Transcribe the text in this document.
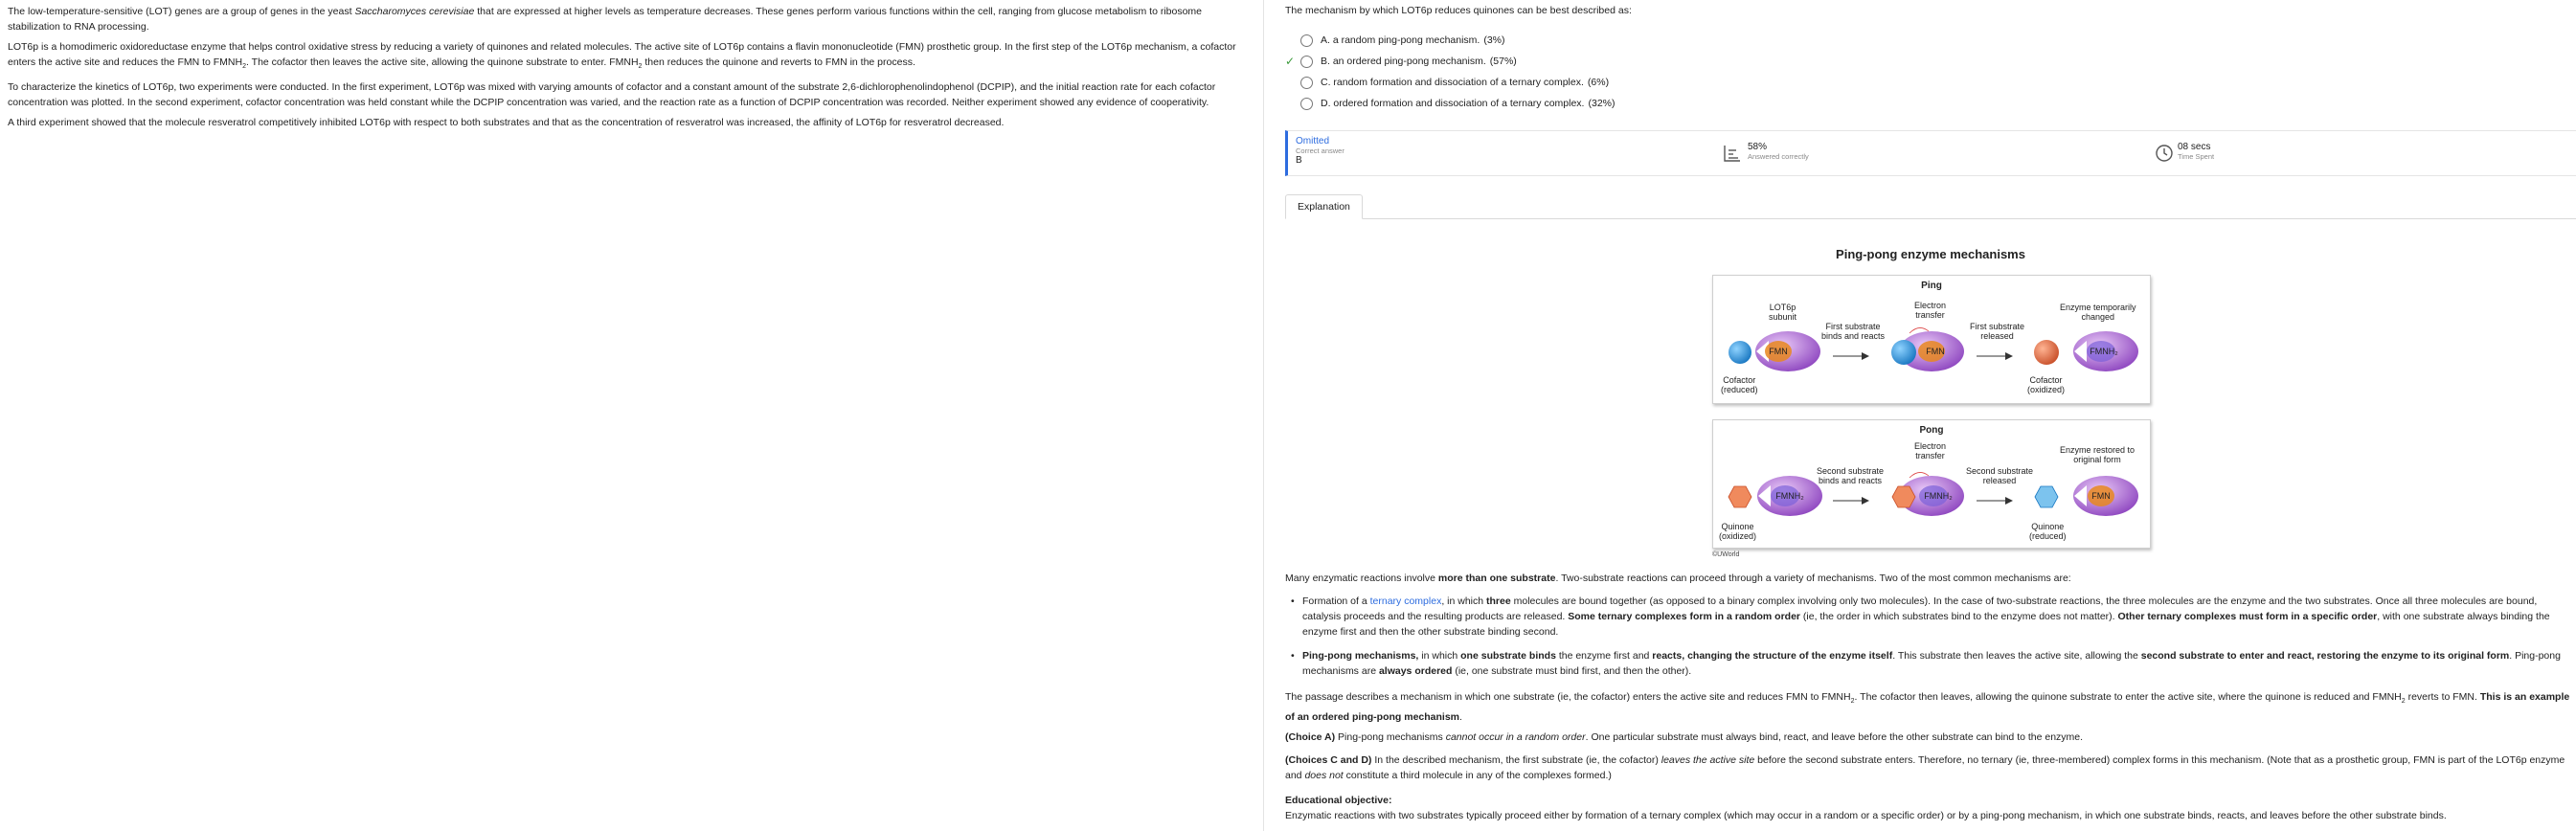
The low-temperature-sensitive (LOT) genes are a group of genes in the yeast Saccharomyces cerevisiae that are expressed at higher levels as temperature decreases. These genes perform various functions within the cell, ranging from glucose metabolism to ribosome stabilization to RNA processing.

LOT6p is a homodimeric oxidoreductase enzyme that helps control oxidative stress by reducing a variety of quinones and related molecules. The active site of LOT6p contains a flavin mononucleotide (FMN) prosthetic group. In the first step of the LOT6p mechanism, a cofactor enters the active site and reduces the FMN to $FMNH_2$. The cofactor then leaves the active site, allowing the quinone substrate to enter. $FMNH_2$ then reduces the quinone and reverts to FMN in the process.

To characterize the kinetics of LOT6p, two experiments were conducted. In the first experiment, LOT6p was mixed with varying amounts of cofactor and a constant amount of the substrate 2,6-dichlorophenolindophenol (DCPIP), and the initial reaction rate for each cofactor concentration was plotted. In the second experiment, cofactor concentration was held constant while the DCPIP concentration was varied, and the reaction rate as a function of DCPIP concentration was recorded. Neither experiment showed any evidence of cooperativity.

A third experiment showed that the molecule resveratrol competitively inhibited LOT6p with respect to both substrates and that as the concentration of resveratrol was increased, the affinity of LOT6p for resveratrol decreased.

The mechanism by which LOT6p reduces quinones can be best described as:
A. a random ping-pong mechanism. (3%)
✓	B. an ordered ping-pong mechanism. (57%)
C. random formation and dissociation of a ternary complex. (6%)
D. ordered formation and dissociation of a ternary complex. (32%)
Omitted
Correct answer
B
58%
Answered correctly
08 secs
Time Spent
Explanation
Ping-pong enzyme mechanisms
Ping
FMN	FMN	FMNH₂
LOT6p
subunit
First substrate
binds and reacts
Electron
transfer
First substrate
released
Enzyme temporarily
changed
Cofactor
(reduced)
Cofactor
(oxidized)
Pong
FMNH₂	FMNH₂	FMN
Electron
transfer
Second substrate
binds and reacts
Second substrate
released
Enzyme restored to
original form
Quinone
(oxidized)
Quinone
(reduced)
©UWorld
Many enzymatic reactions involve more than one substrate. Two-substrate reactions can proceed through a variety of mechanisms. Two of the most common mechanisms are:
• Formation of a ternary complex, in which three molecules are bound together (as opposed to a binary complex involving only two molecules). In the case of two-substrate reactions, the three molecules are the enzyme and the two substrates. Once all three molecules are bound, catalysis proceeds and the resulting products are released. Some ternary complexes form in a random order (ie, the order in which substrates bind to the enzyme does not matter). Other ternary complexes must form in a specific order, with one substrate always binding the enzyme first and then the other substrate binding second.
• Ping-pong mechanisms, in which one substrate binds the enzyme first and reacts, changing the structure of the enzyme itself. This substrate then leaves the active site, allowing the second substrate to enter and react, restoring the enzyme to its original form. Ping-pong mechanisms are always ordered (ie, one substrate must bind first, and then the other).
The passage describes a mechanism in which one substrate (ie, the cofactor) enters the active site and reduces FMN to $FMNH_2$. The cofactor then leaves, allowing the quinone substrate to enter the active site, where the quinone is reduced and $FMNH_2$ reverts to FMN. This is an example of an ordered ping-pong mechanism.
(Choice A) Ping-pong mechanisms cannot occur in a random order. One particular substrate must always bind, react, and leave before the other substrate can bind to the enzyme.
(Choices C and D) In the described mechanism, the first substrate (ie, the cofactor) leaves the active site before the second substrate enters. Therefore, no ternary (ie, three-membered) complex forms in this mechanism. (Note that as a prosthetic group, FMN is part of the LOT6p enzyme and does not constitute a third molecule in any of the complexes formed.)
Educational objective:
Enzymatic reactions with two substrates typically proceed either by formation of a ternary complex (which may occur in a random or a specific order) or by a ping-pong mechanism, in which one substrate binds, reacts, and leaves before the other substrate binds.
